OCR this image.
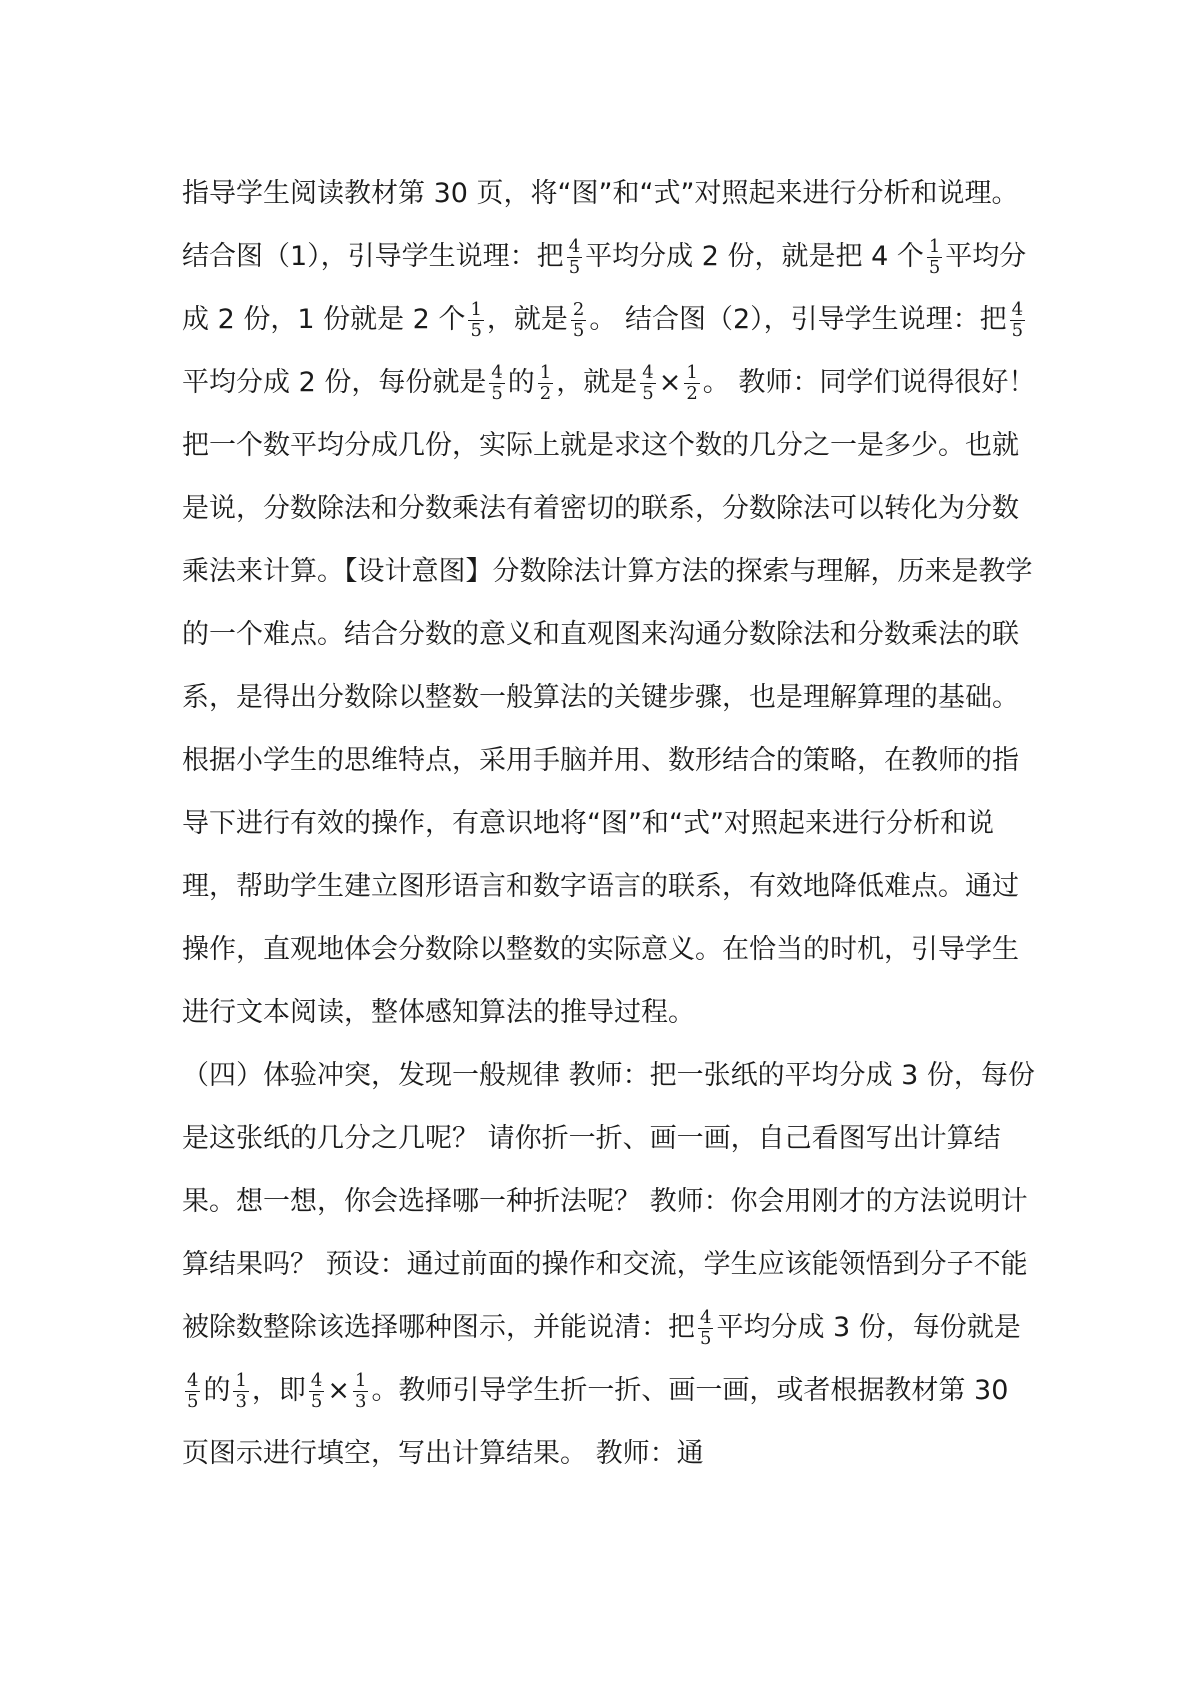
指导学生阅读教材第 30 页，将“图”和“式”对照起来进行分析和说理。

结合图（1），引导学生说理：把 $\frac{4}{5}$ 平均分成 2 份，就是把 4 个 $\frac{1}{5}$ 平均分成 2 份，1 份就是 2 个 $\frac{1}{5}$ ，就是 $\frac{2}{5}$ 。 结合图（2），引导学生说理：把 $\frac{4}{5}$
平均分成 2 份，每份就是 $\frac{4}{5}$ 的 $\frac{1}{2}$ ，就是 $\frac{4}{5} \times \frac{1}{2}$ 。 教师：同学们说得很好！把一个数平均分成几份，实际上就是求这个数的几分之一是多少。也就是说，分数除法和分数乘法有着密切的联系，分数除法可以转化为分数乘法来计算。【设计意图】分数除法计算方法的探索与理解，历来是教学的一个难点。结合分数的意义和直观图来沟通分数除法和分数乘法的联系，是得出分数除以整数一般算法的关键步骤，也是理解算理的基础。根据小学生的思维特点，采用手脑并用、数形结合的策略，在教师的指导下进行有效的操作，有意识地将“图”和“式”对照起来进行分析和说理，帮助学生建立图形语言和数字语言的联系，有效地降低难点。通过操作，直观地体会分数除以整数的实际意义。在恰当的时机，引导学生进行文本阅读，整体感知算法的推导过程。

（四）体验冲突，发现一般规律 教师：把一张纸的平均分成 3 份，每份是这张纸的几分之几呢？ 请你折一折、画一画，自己看图写出计算结果。想一想，你会选择哪一种折法呢？ 教师：你会用刚才的方法说明计算结果吗？ 预设：通过前面的操作和交流，学生应该能领悟到分子不能被除数整除该选择哪种图示，并能说清：把 $\frac{4}{5}$ 平均分成 3 份，每份就是
$\frac{4}{5}$ 的 $\frac{1}{3}$ ，即 $\frac{4}{5} \times \frac{1}{3}$ 。教师引导学生折一折、画一画，或者根据教材第 30 页图示进行填空，写出计算结果。 教师：通
